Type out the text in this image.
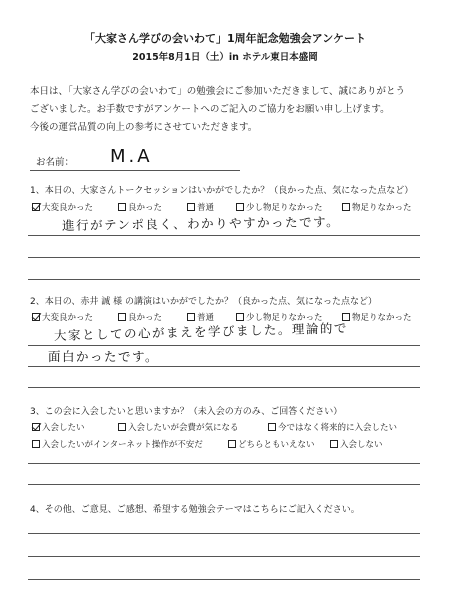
「大家さん学びの会いわて」1周年記念勉強会アンケート
2015年8月1日（土）in ホテル東日本盛岡
本日は、「大家さん学びの会いわて」の勉強会にご参加いただきまして、誠にありがとう
ございました。お手数ですがアンケートへのご記入のご協力をお願い申し上げます。
今後の運営品質の向上の参考にさせていただきます。
お名前： M.A
1、本日の、大家さんトークセッションはいかがでしたか？（良かった点、気になった点など）
大変良かった	良かった	普通	少し物足りなかった	物足りなかった
進行がテンポ良く、わかりやすかったです。
2、本日の、赤井 誠 様 の講演はいかがでしたか？（良かった点、気になった点など）
大変良かった	良かった	普通	少し物足りなかった	物足りなかった
大家としての心がまえを学びました。理論的で
面白かったです。
3、この会に入会したいと思いますか？（未入会の方のみ、ご回答ください）
入会したい	入会したいが会費が気になる	今ではなく将来的に入会したい
入会したいがインターネット操作が不安だ	どちらともいえない	入会しない
4、その他、ご意見、ご感想、希望する勉強会テーマはこちらにご記入ください。
